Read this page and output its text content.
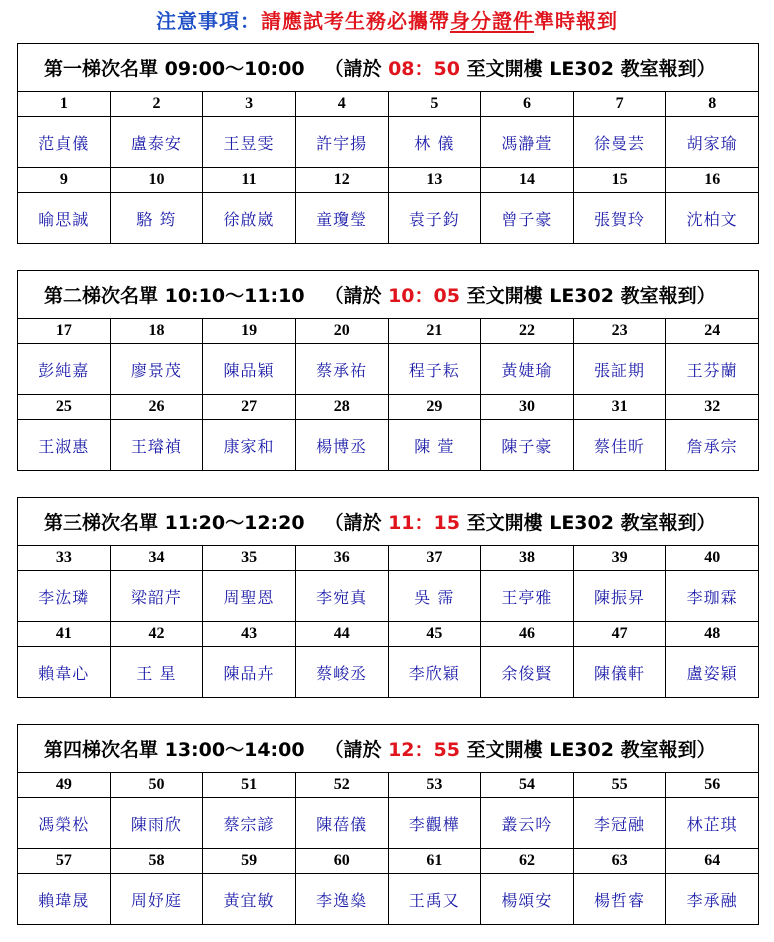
注意事項：請應試考生務必攜帶身分證件準時報到
第一梯次名單 09:00～10:00 （請於 08：50 至文開樓 LE302 教室報到）							
1	2	3	4	5	6	7	8
范貞儀	盧泰安	王昱雯	許宇揚	林 儀	馮瀞萱	徐曼芸	胡家瑜
9	10	11	12	13	14	15	16
喻思誠	駱 筠	徐啟崴	童瓊瑩	袁子鈞	曾子豪	張賀玲	沈柏文
第二梯次名單 10:10～11:10 （請於 10：05 至文開樓 LE302 教室報到）							
17	18	19	20	21	22	23	24
彭純嘉	廖景茂	陳品穎	蔡承祐	程子耘	黃婕瑜	張証期	王芬蘭
25	26	27	28	29	30	31	32
王淑惠	王璿禎	康家和	楊博丞	陳 萱	陳子豪	蔡佳昕	詹承宗
第三梯次名單 11:20～12:20 （請於 11：15 至文開樓 LE302 教室報到）							
33	34	35	36	37	38	39	40
李汯璘	梁韶芹	周聖恩	李宛真	吳 霈	王亭雅	陳振昇	李珈霖
41	42	43	44	45	46	47	48
賴韋心	王 星	陳品卉	蔡峻丞	李欣穎	余俊賢	陳儀軒	盧姿穎
第四梯次名單 13:00～14:00 （請於 12：55 至文開樓 LE302 教室報到）							
49	50	51	52	53	54	55	56
馮榮松	陳雨欣	蔡宗諺	陳蓓儀	李觀樺	叢云吟	李冠融	林芷琪
57	58	59	60	61	62	63	64
賴瑋晟	周妤庭	黃宜敏	李逸燊	王禹又	楊頌安	楊哲睿	李承融
